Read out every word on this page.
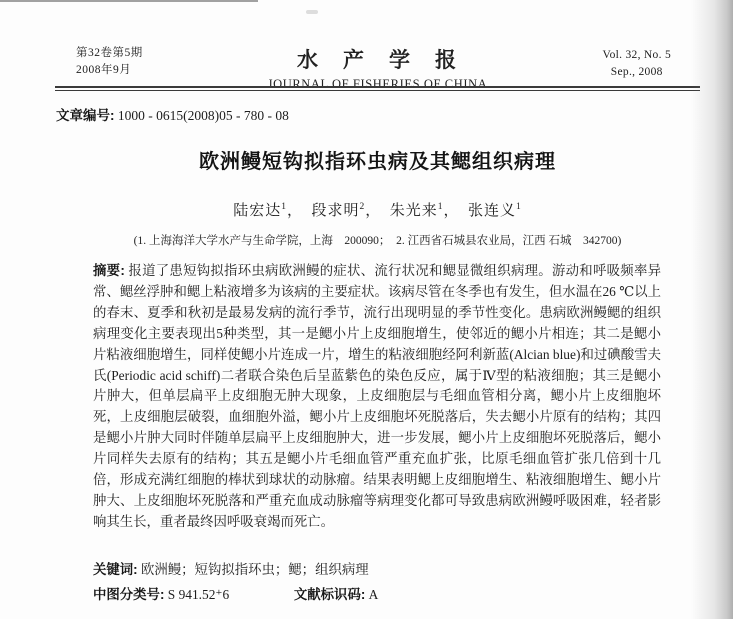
第32卷第5期
2008年9月	水　产　学　报
JOURNAL OF FISHERIES OF CHINA
Vol. 32, No. 5
Sep., 2008
文章编号: 1000 - 0615(2008)05 - 780 - 08
欧洲鳗短钩拟指环虫病及其鳃组织病理
陆宏达$^1$，　段求明$^2$，　朱光来$^1$，　张连义$^1$
(1. 上海海洋大学水产与生命学院，上海　200090；　2. 江西省石城县农业局，江西 石城　342700)

摘要: 报道了患短钩拟指环虫病欧洲鳗的症状、流行状况和鳃显微组织病理。游动和呼吸频率异常、鳃丝浮肿和鳃上粘液增多为该病的主要症状。该病尽管在冬季也有发生，但水温在26 ℃以上的春末、夏季和秋初是最易发病的流行季节，流行出现明显的季节性变化。患病欧洲鳗鳃的组织病理变化主要表现出5种类型，其一是鳃小片上皮细胞增生，使邻近的鳃小片相连；其二是鳃小片粘液细胞增生，同样使鳃小片连成一片，增生的粘液细胞经阿利新蓝(Alcian blue)和过碘酸雪夫氏(Periodic acid schiff)二者联合染色后呈蓝紫色的染色反应，属于Ⅳ型的粘液细胞；其三是鳃小片肿大，但单层扁平上皮细胞无肿大现象，上皮细胞层与毛细血管相分离，鳃小片上皮细胞坏死，上皮细胞层破裂，血细胞外溢，鳃小片上皮细胞坏死脱落后，失去鳃小片原有的结构；其四是鳃小片肿大同时伴随单层扁平上皮细胞肿大，进一步发展，鳃小片上皮细胞坏死脱落后，鳃小片同样失去原有的结构；其五是鳃小片毛细血管严重充血扩张，比原毛细血管扩张几倍到十几倍，形成充满红细胞的棒状到球状的动脉瘤。结果表明鳃上皮细胞增生、粘液细胞增生、鳃小片肿大、上皮细胞坏死脱落和严重充血成动脉瘤等病理变化都可导致患病欧洲鳗呼吸困难，轻者影响其生长，重者最终因呼吸衰竭而死亡。

关键词: 欧洲鳗；短钩拟指环虫；鳃；组织病理

中图分类号: S 941.52⁺6	文献标识码: A
